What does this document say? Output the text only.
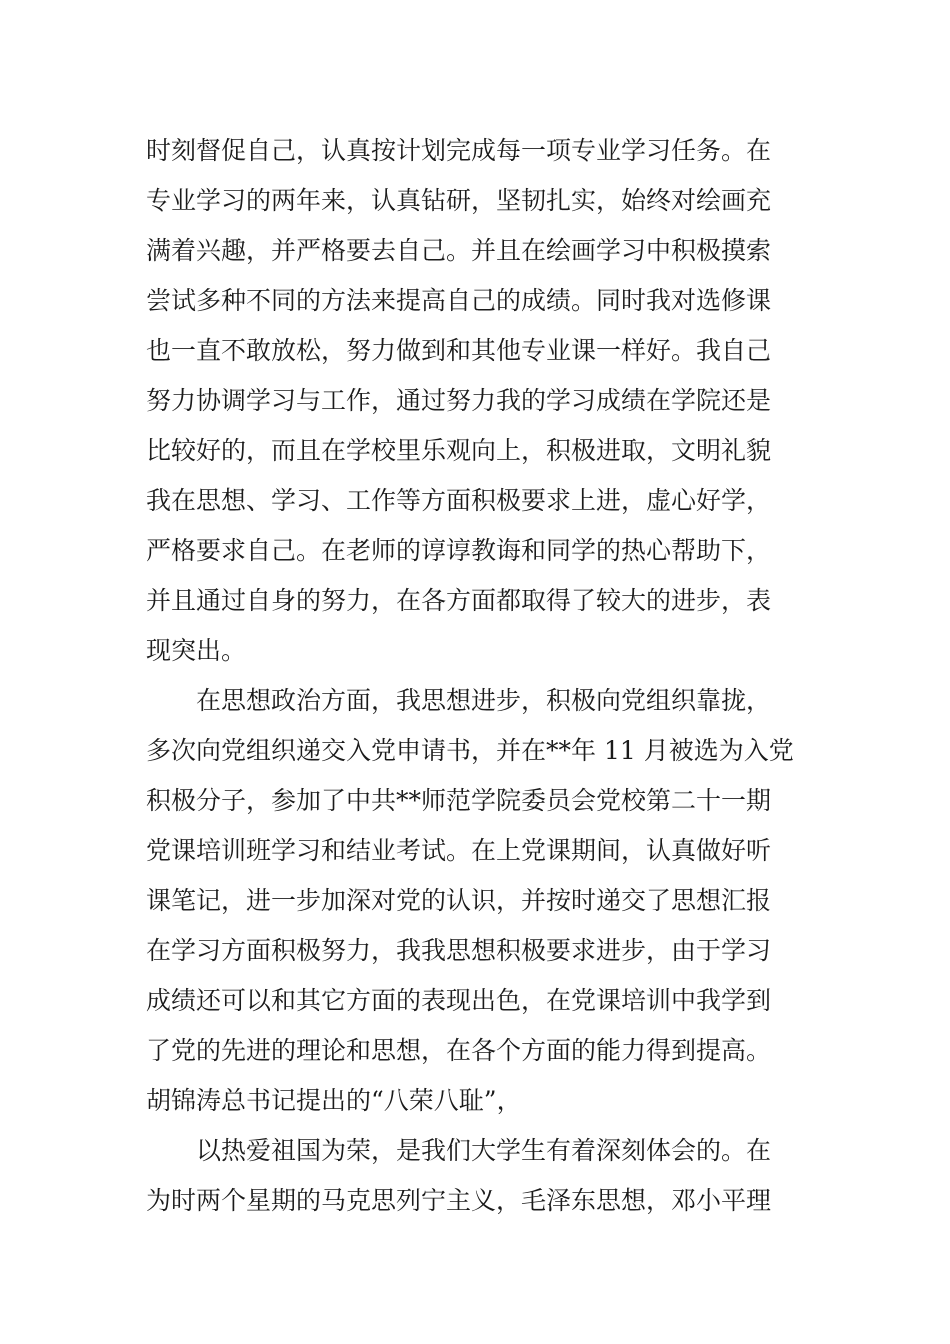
时刻督促自己，认真按计划完成每一项专业学习任务。在
专业学习的两年来，认真钻研，坚韧扎实，始终对绘画充
满着兴趣，并严格要去自己。并且在绘画学习中积极摸索
尝试多种不同的方法来提高自己的成绩。同时我对选修课
也一直不敢放松，努力做到和其他专业课一样好。我自己
努力协调学习与工作，通过努力我的学习成绩在学院还是
比较好的，而且在学校里乐观向上，积极进取，文明礼貌
我在思想、学习、工作等方面积极要求上进，虚心好学，
严格要求自己。在老师的谆谆教诲和同学的热心帮助下，
并且通过自身的努力，在各方面都取得了较大的进步，表
现突出。
在思想政治方面，我思想进步，积极向党组织靠拢，
多次向党组织递交入党申请书，并在**年 11 月被选为入党
积极分子，参加了中共**师范学院委员会党校第二十一期
党课培训班学习和结业考试。在上党课期间，认真做好听
课笔记，进一步加深对党的认识，并按时递交了思想汇报
在学习方面积极努力，我我思想积极要求进步，由于学习
成绩还可以和其它方面的表现出色，在党课培训中我学到
了党的先进的理论和思想，在各个方面的能力得到提高。
胡锦涛总书记提出的“八荣八耻”，
以热爱祖国为荣，是我们大学生有着深刻体会的。在
为时两个星期的马克思列宁主义，毛泽东思想，邓小平理
